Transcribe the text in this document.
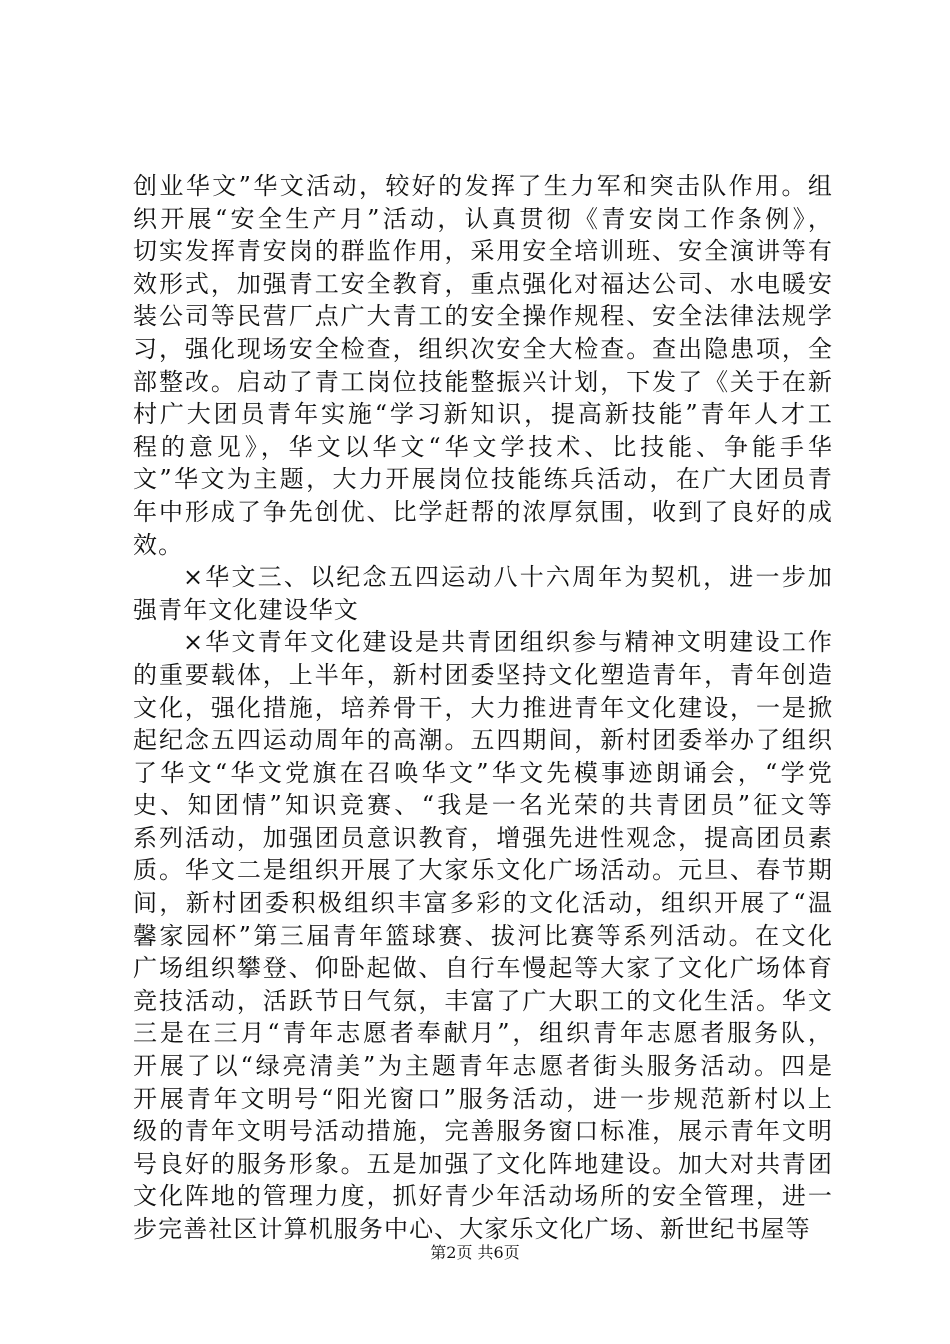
创业华文”华文活动，较好的发挥了生力军和突击队作用。组
织开展“安全生产月”活动，认真贯彻《青安岗工作条例》，
切实发挥青安岗的群监作用，采用安全培训班、安全演讲等有
效形式，加强青工安全教育，重点强化对福达公司、水电暖安
装公司等民营厂点广大青工的安全操作规程、安全法律法规学
习，强化现场安全检查，组织次安全大检查。查出隐患项，全
部整改。启动了青工岗位技能整振兴计划，下发了《关于在新
村广大团员青年实施“学习新知识，提高新技能”青年人才工
程的意见》，华文以华文“华文学技术、比技能、争能手华
文”华文为主题，大力开展岗位技能练兵活动，在广大团员青
年中形成了争先创优、比学赶帮的浓厚氛围，收到了良好的成
效。
×华文三、以纪念五四运动八十六周年为契机，进一步加
强青年文化建设华文
×华文青年文化建设是共青团组织参与精神文明建设工作
的重要载体，上半年，新村团委坚持文化塑造青年，青年创造
文化，强化措施，培养骨干，大力推进青年文化建设，一是掀
起纪念五四运动周年的高潮。五四期间，新村团委举办了组织
了华文“华文党旗在召唤华文”华文先模事迹朗诵会，“学党
史、知团情”知识竞赛、“我是一名光荣的共青团员”征文等
系列活动，加强团员意识教育，增强先进性观念，提高团员素
质。华文二是组织开展了大家乐文化广场活动。元旦、春节期
间，新村团委积极组织丰富多彩的文化活动，组织开展了“温
馨家园杯”第三届青年篮球赛、拔河比赛等系列活动。在文化
广场组织攀登、仰卧起做、自行车慢起等大家了文化广场体育
竞技活动，活跃节日气氛，丰富了广大职工的文化生活。华文
三是在三月“青年志愿者奉献月”，组织青年志愿者服务队，
开展了以“绿亮清美”为主题青年志愿者街头服务活动。四是
开展青年文明号“阳光窗口”服务活动，进一步规范新村以上
级的青年文明号活动措施，完善服务窗口标准，展示青年文明
号良好的服务形象。五是加强了文化阵地建设。加大对共青团
文化阵地的管理力度，抓好青少年活动场所的安全管理，进一
步完善社区计算机服务中心、大家乐文化广场、新世纪书屋等
第2页 共6页
